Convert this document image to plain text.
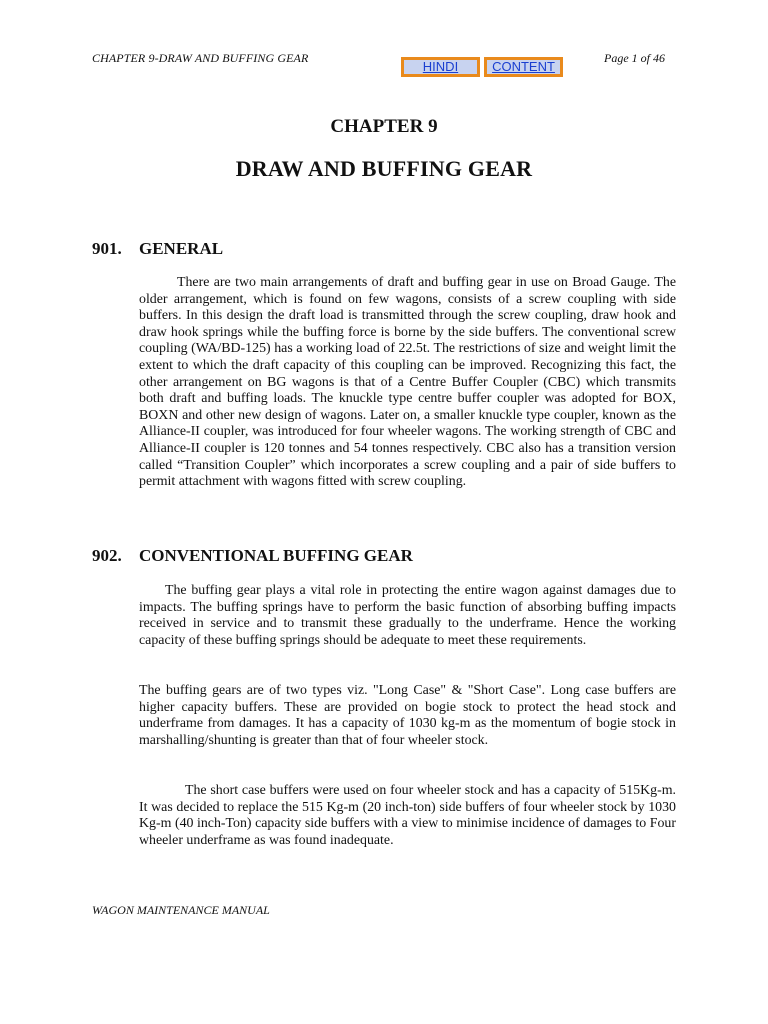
CHAPTER 9-DRAW AND BUFFING GEAR	Page 1 of 46
HINDI	CONTENT
CHAPTER 9
DRAW AND BUFFING GEAR
901. GENERAL

There are two main arrangements of draft and buffing gear in use on Broad Gauge. The older arrangement, which is found on few wagons, consists of a screw coupling with side buffers. In this design the draft load is transmitted through the screw coupling, draw hook and draw hook springs while the buffing force is borne by the side buffers. The conventional screw coupling (WA/BD-125) has a working load of 22.5t. The restrictions of size and weight limit the extent to which the draft capacity of this coupling can be improved. Recognizing this fact, the other arrangement on BG wagons is that of a Centre Buffer Coupler (CBC) which transmits both draft and buffing loads. The knuckle type centre buffer coupler was adopted for BOX, BOXN and other new design of wagons. Later on, a smaller knuckle type coupler, known as the Alliance-II coupler, was introduced for four wheeler wagons. The working strength of CBC and Alliance-II coupler is 120 tonnes and 54 tonnes respectively. CBC also has a transition version called “Transition Coupler” which incorporates a screw coupling and a pair of side buffers to permit attachment with wagons fitted with screw coupling.

902. CONVENTIONAL BUFFING GEAR

The buffing gear plays a vital role in protecting the entire wagon against damages due to impacts. The buffing springs have to perform the basic function of absorbing buffing impacts received in service and to transmit these gradually to the underframe. Hence the working capacity of these buffing springs should be adequate to meet these requirements.

The buffing gears are of two types viz. "Long Case" & "Short Case". Long case buffers are higher capacity buffers. These are provided on bogie stock to protect the head stock and underframe from damages. It has a capacity of 1030 kg-m as the momentum of bogie stock in marshalling/shunting is greater than that of four wheeler stock.

The short case buffers were used on four wheeler stock and has a capacity of 515Kg-m. It was decided to replace the 515 Kg-m (20 inch-ton) side buffers of four wheeler stock by 1030 Kg-m (40 inch-Ton) capacity side buffers with a view to minimise incidence of damages to Four wheeler underframe as was found inadequate.

WAGON MAINTENANCE MANUAL
